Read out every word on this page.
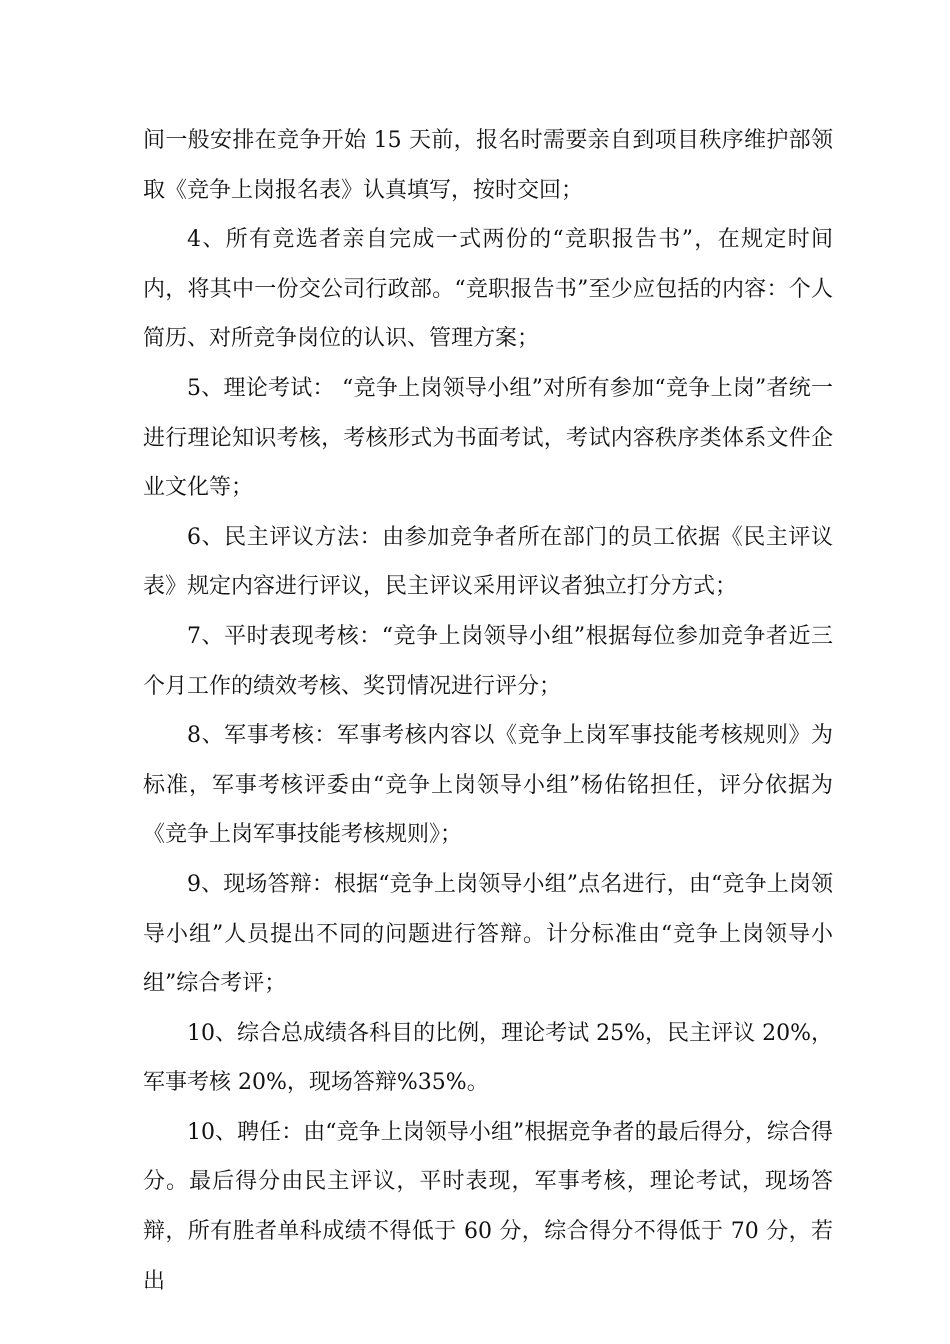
间一般安排在竞争开始 15 天前，报名时需要亲自到项目秩序维护部领取《竞争上岗报名表》认真填写，按时交回；

4、所有竞选者亲自完成一式两份的“竞职报告书”，在规定时间内，将其中一份交公司行政部。“竞职报告书”至少应包括的内容：个人简历、对所竞争岗位的认识、管理方案；

5、理论考试： “竞争上岗领导小组”对所有参加“竞争上岗”者统一进行理论知识考核，考核形式为书面考试，考试内容秩序类体系文件企业文化等；

6、民主评议方法：由参加竞争者所在部门的员工依据《民主评议表》规定内容进行评议，民主评议采用评议者独立打分方式；

7、平时表现考核：“竞争上岗领导小组”根据每位参加竞争者近三个月工作的绩效考核、奖罚情况进行评分；

8、军事考核：军事考核内容以《竞争上岗军事技能考核规则》为标准，军事考核评委由“竞争上岗领导小组”杨佑铭担任，评分依据为《竞争上岗军事技能考核规则》；

9、现场答辩：根据“竞争上岗领导小组”点名进行，由“竞争上岗领导小组”人员提出不同的问题进行答辩。计分标准由“竞争上岗领导小组”综合考评；

10、综合总成绩各科目的比例，理论考试 25%，民主评议 20%，军事考核 20%，现场答辩%35%。

10、聘任：由“竞争上岗领导小组”根据竞争者的最后得分，综合得分。最后得分由民主评议，平时表现，军事考核，理论考试，现场答辩，所有胜者单科成绩不得低于 60 分，综合得分不得低于 70 分，若出
